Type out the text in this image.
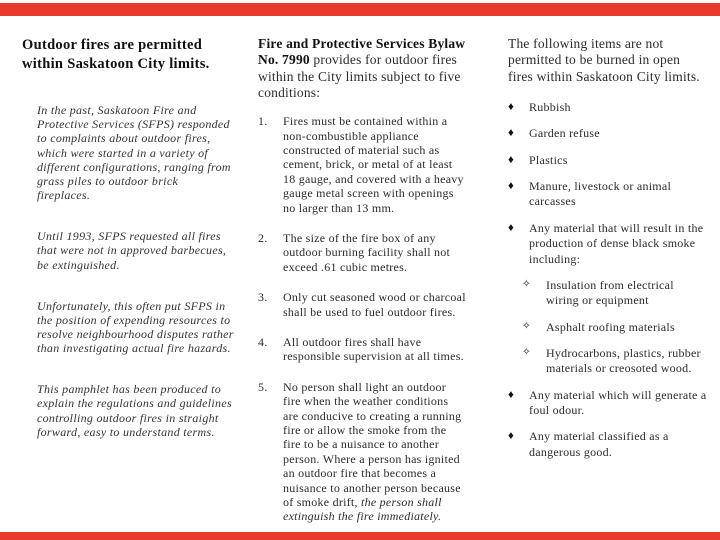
Outdoor fires are permitted within Saskatoon City limits.

In the past, Saskatoon Fire and Protective Services (SFPS) responded to complaints about outdoor fires, which were started in a variety of different configurations, ranging from grass piles to outdoor brick fireplaces.

Until 1993, SFPS requested all fires that were not in approved barbecues, be extinguished.

Unfortunately, this often put SFPS in the position of expending resources to resolve neighbourhood disputes rather than investigating actual fire hazards.

This pamphlet has been produced to explain the regulations and guidelines controlling outdoor fires in straight forward, easy to understand terms.

Fire and Protective Services Bylaw No. 7990 provides for outdoor fires within the City limits subject to five conditions:

1.	Fires must be contained within a non-combustible appliance constructed of material such as cement, brick, or metal of at least 18 gauge, and covered with a heavy gauge metal screen with openings no larger than 13 mm.
2.	The size of the fire box of any outdoor burning facility shall not exceed .61 cubic metres.
3.	Only cut seasoned wood or charcoal shall be used to fuel outdoor fires.
4.	All outdoor fires shall have responsible supervision at all times.
5.	No person shall light an outdoor fire when the weather conditions are conducive to creating a running fire or allow the smoke from the fire to be a nuisance to another person. Where a person has ignited an outdoor fire that becomes a nuisance to another person because of smoke drift, the person shall extinguish the fire immediately.

The following items are not permitted to be burned in open fires within Saskatoon City limits.

♦	Rubbish
♦	Garden refuse
♦	Plastics
♦	Manure, livestock or animal carcasses
♦	Any material that will result in the production of dense black smoke including:
✧	Insulation from electrical wiring or equipment
✧	Asphalt roofing materials
✧	Hydrocarbons, plastics, rubber materials or creosoted wood.
♦	Any material which will generate a foul odour.
♦	Any material classified as a dangerous good.
